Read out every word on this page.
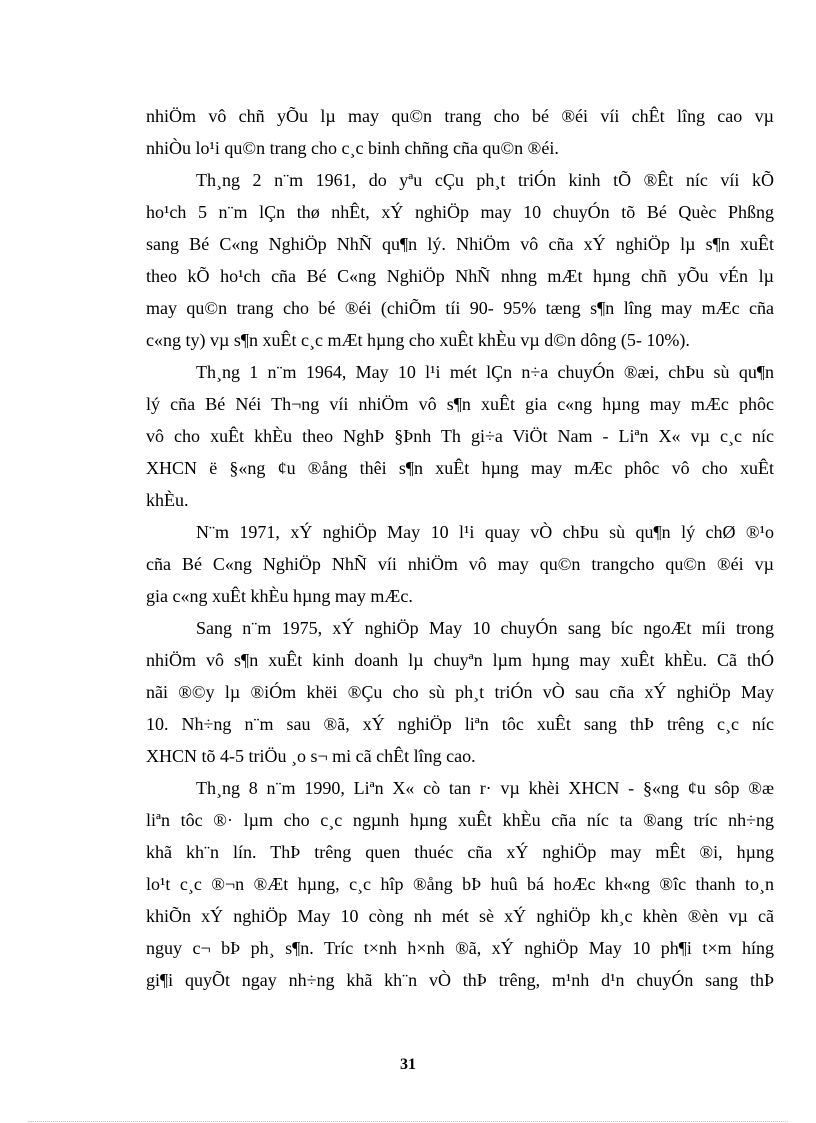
nhiÖm vô chñ yÕu lµ may qu©n trang cho bé ®éi víi chÊt lîng cao vµ
nhiÒu lo¹i qu©n trang cho c¸c binh chñng cña qu©n ®éi.
Th¸ng 2 n¨m 1961, do yªu cÇu ph¸t triÓn kinh tÕ ®Êt níc víi kÕ
ho¹ch 5 n¨m lÇn thø nhÊt, xÝ nghiÖp may 10 chuyÓn tõ Bé Quèc Phßng
sang Bé C«ng NghiÖp NhÑ qu¶n lý. NhiÖm vô cña xÝ nghiÖp lµ s¶n xuÊt
theo kÕ ho¹ch cña Bé C«ng NghiÖp NhÑ nhng mÆt hµng chñ yÕu vÉn lµ
may qu©n trang cho bé ®éi (chiÕm tíi 90- 95% tæng s¶n lîng may mÆc cña
c«ng ty) vµ s¶n xuÊt c¸c mÆt hµng cho xuÊt khÈu vµ d©n dông (5- 10%).
Th¸ng 1 n¨m 1964, May 10 l¹i mét lÇn n÷a chuyÓn ®æi, chÞu sù qu¶n
lý cña Bé Néi Th¬ng víi nhiÖm vô s¶n xuÊt gia c«ng hµng may mÆc phôc
vô cho xuÊt khÈu theo NghÞ §Þnh Th gi÷a ViÖt Nam - Liªn X« vµ c¸c níc
XHCN ë §«ng ¢u ®ång thêi s¶n xuÊt hµng may mÆc phôc vô cho xuÊt
khÈu.
N¨m 1971, xÝ nghiÖp May 10 l¹i quay vÒ chÞu sù qu¶n lý chØ ®¹o
cña Bé C«ng NghiÖp NhÑ víi nhiÖm vô may qu©n trangcho qu©n ®éi vµ
gia c«ng xuÊt khÈu hµng may mÆc.
Sang n¨m 1975, xÝ nghiÖp May 10 chuyÓn sang bíc ngoÆt míi trong
nhiÖm vô s¶n xuÊt kinh doanh lµ chuyªn lµm hµng may xuÊt khÈu. Cã thÓ
nãi ®©y lµ ®iÓm khëi ®Çu cho sù ph¸t triÓn vÒ sau cña xÝ nghiÖp May
10. Nh÷ng n¨m sau ®ã, xÝ nghiÖp liªn tôc xuÊt sang thÞ trêng c¸c níc
XHCN tõ 4-5 triÖu ¸o s¬ mi cã chÊt lîng cao.
Th¸ng 8 n¨m 1990, Liªn X« cò tan r· vµ khèi XHCN - §«ng ¢u sôp ®æ
liªn tôc ®· lµm cho c¸c ngµnh hµng xuÊt khÈu cña níc ta ®ang tríc nh÷ng
khã kh¨n lín. ThÞ trêng quen thuéc cña xÝ nghiÖp may mÊt ®i, hµng
lo¹t c¸c ®¬n ®Æt hµng, c¸c hîp ®ång bÞ huû bá hoÆc kh«ng ®îc thanh to¸n
khiÕn xÝ nghiÖp May 10 còng nh mét sè xÝ nghiÖp kh¸c khèn ®èn vµ cã
nguy c¬ bÞ ph¸ s¶n. Tríc t×nh h×nh ®ã, xÝ nghiÖp May 10 ph¶i t×m híng
gi¶i quyÕt ngay nh÷ng khã kh¨n vÒ thÞ trêng, m¹nh d¹n chuyÓn sang thÞ
31
